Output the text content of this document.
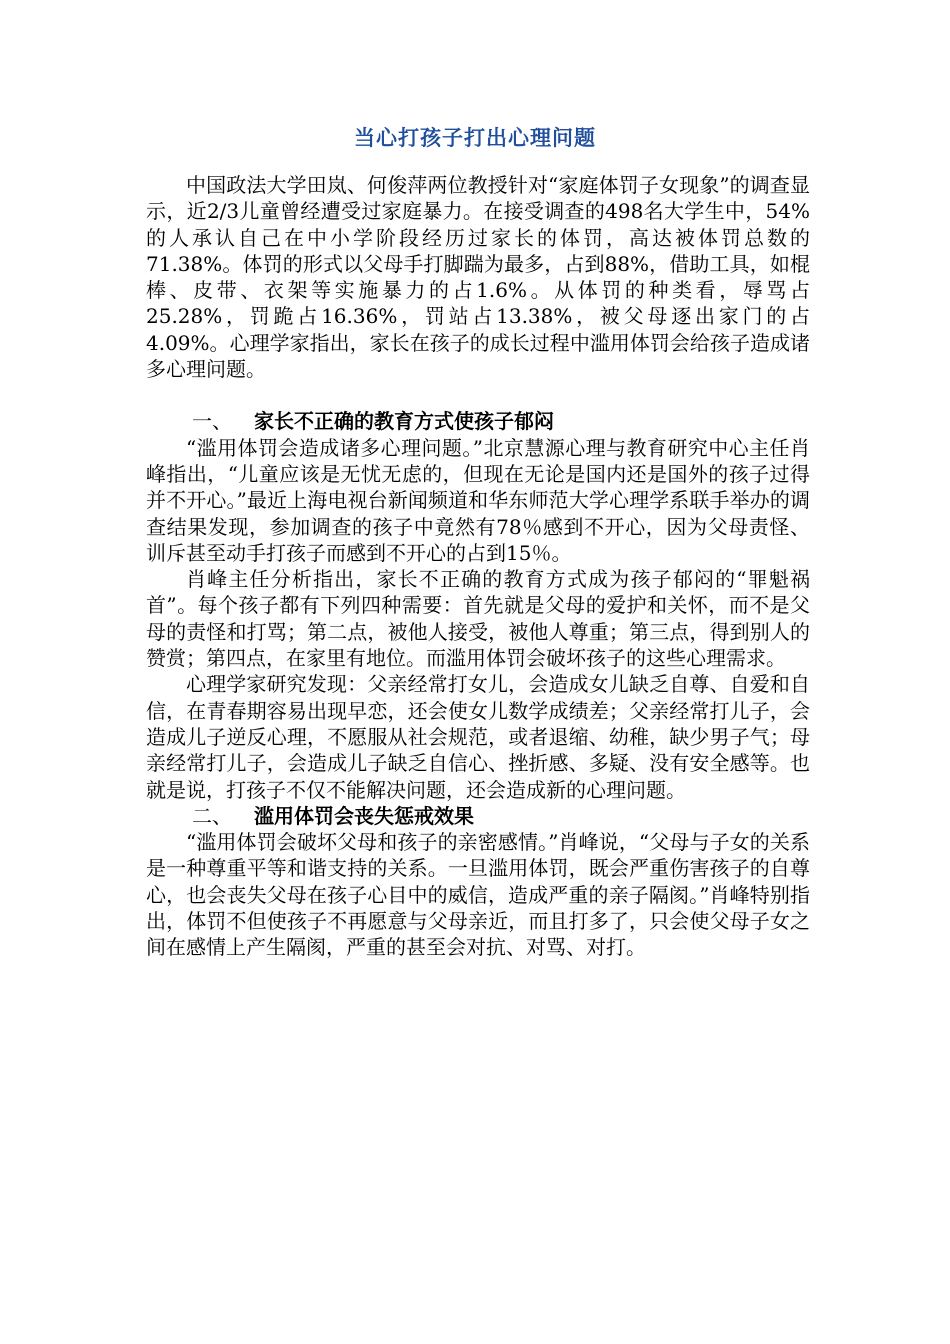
当心打孩子打出心理问题

中国政法大学田岚、何俊萍两位教授针对“家庭体罚子女现象”的调查显示，近2/3儿童曾经遭受过家庭暴力。在接受调查的498名大学生中，54%的人承认自己在中小学阶段经历过家长的体罚，高达被体罚总数的71.38%。体罚的形式以父母手打脚踹为最多，占到88%，借助工具，如棍棒、皮带、衣架等实施暴力的占1.6%。从体罚的种类看，辱骂占25.28%，罚跪占16.36%，罚站占13.38%，被父母逐出家门的占4.09%。心理学家指出，家长在孩子的成长过程中滥用体罚会给孩子造成诸多心理问题。

一、 家长不正确的教育方式使孩子郁闷

“滥用体罚会造成诸多心理问题。”北京慧源心理与教育研究中心主任肖峰指出，“儿童应该是无忧无虑的，但现在无论是国内还是国外的孩子过得并不开心。”最近上海电视台新闻频道和华东师范大学心理学系联手举办的调查结果发现，参加调查的孩子中竟然有78％感到不开心，因为父母责怪、训斥甚至动手打孩子而感到不开心的占到15％。

肖峰主任分析指出，家长不正确的教育方式成为孩子郁闷的“罪魁祸首”。每个孩子都有下列四种需要：首先就是父母的爱护和关怀，而不是父母的责怪和打骂；第二点，被他人接受，被他人尊重；第三点，得到别人的赞赏；第四点，在家里有地位。而滥用体罚会破坏孩子的这些心理需求。

心理学家研究发现：父亲经常打女儿，会造成女儿缺乏自尊、自爱和自信，在青春期容易出现早恋，还会使女儿数学成绩差；父亲经常打儿子，会造成儿子逆反心理，不愿服从社会规范，或者退缩、幼稚，缺少男子气；母亲经常打儿子，会造成儿子缺乏自信心、挫折感、多疑、没有安全感等。也就是说，打孩子不仅不能解决问题，还会造成新的心理问题。

二、 滥用体罚会丧失惩戒效果

“滥用体罚会破坏父母和孩子的亲密感情。”肖峰说，“父母与子女的关系是一种尊重平等和谐支持的关系。一旦滥用体罚，既会严重伤害孩子的自尊心，也会丧失父母在孩子心目中的威信，造成严重的亲子隔阂。”肖峰特别指出，体罚不但使孩子不再愿意与父母亲近，而且打多了，只会使父母子女之间在感情上产生隔阂，严重的甚至会对抗、对骂、对打。
